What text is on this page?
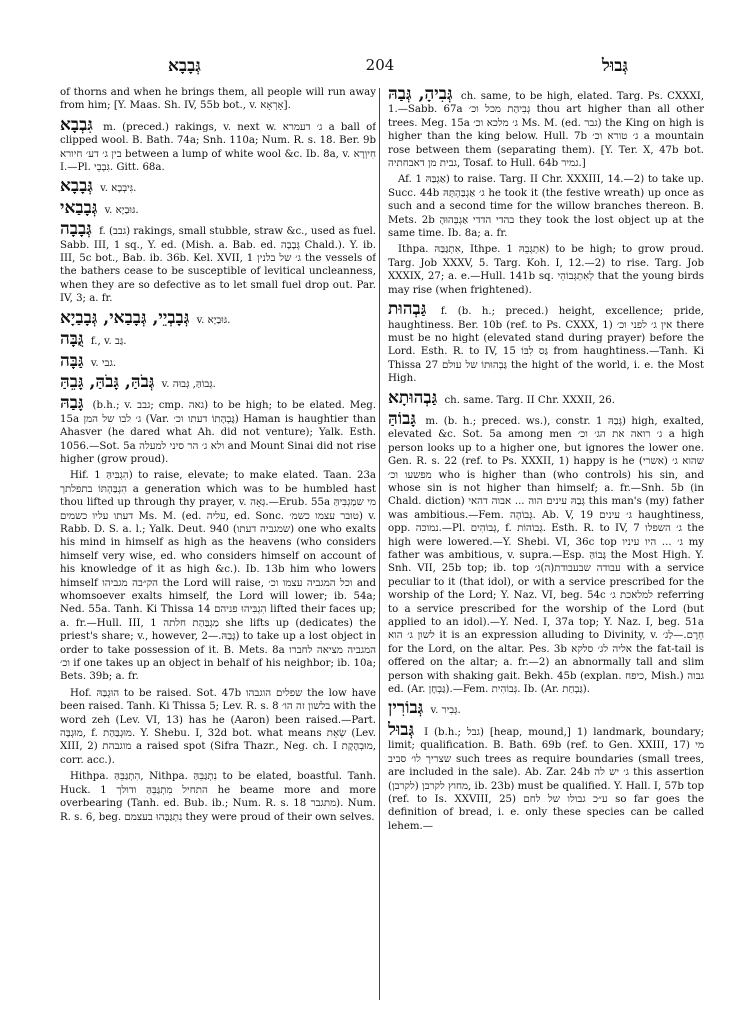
גְּבָבָא	204	גְּבוּל

of thorns and when he brings them, all people will run away from him; [Y. Maas. Sh. IV, 55b bot., v. אָרְאָא].

גִּבְבָא m. (preced.) rakings, v. next w. ג׳ דעמרא a ball of clipped wool. B. Bath. 74a; Snh. 110a; Num. R. s. 18. Ber. 9b בין ג׳ דע׳ חיורא between a lump of white wool &c. Ib. 8a, v. חִיוְרָא I.—Pl. גִּבְבֵי. Gitt. 68a.

גְּבָבָא v. גִּיבְבָא.

גְּבָבַאי v. גּוּבַיָא.

גְּבָבָה f. (גבב) rakings, small stubble, straw &c., used as fuel. Sabb. III, 1 sq., Y. ed. (Mish. a. Bab. ed. גְּבָבָה Chald.). Y. ib. III, 5c bot., Bab. ib. 36b. Kel. XVII, 1 ג׳ של בלנין the vessels of the bathers cease to be susceptible of levitical uncleanness, when they are so defective as to let small fuel drop out. Par. IV, 3; a. fr.

גְּבָבְיֵי, גְּבָבַאי, גְּבָבַיָא v. גּוּבַיָא.

גֻּבָּה f., v. גַּב.

גַּבָּה v. גבי.

גְּבֹהַּ, גָּבֹהַּ, גָּבֵהַּ v. גְּבוֹהַּ, גְּבוּה.

גָּבַהּ (b.h.; v. גבב; cmp. גאה) to be high; to be elated. Meg. 15a ג׳ לבו של המן (Var. גָּבְהָתוֹ דעתו וכ׳) Haman is haughtier than Ahasver (he dared what Ah. did not venture); Yalk. Esth. 1056.—Sot. 5a ולא ג׳ הר סיני למעלה and Mount Sinai did not rise higher (grow proud).

Hif. הִגְבִּיהַּ 1) to raise, elevate; to make elated. Taan. 23a הִגְבַּהְתּוֹ בתפלתך a generation which was to be humbled hast thou lifted up through thy prayer, v. גְּאָה.—Erub. 55a מי שמַגְבִּיהַּ דעתו עליו כשמים Ms. M. (ed. עליה, ed. Sonc. טובר עצמו כשמ׳) v. Rabb. D. S. a. l.; Yalk. Deut. 940 (שמגביה דעתו) one who exalts his mind in himself as high as the heavens (who considers himself very wise, ed. who considers himself on account of his knowledge of it as high &c.). Ib. 13b him who lowers himself הק״בה מגביהו the Lord will raise, וכל המגביה עצמו וכ׳ and whomsoever exalts himself, the Lord will lower; ib. 54a; Ned. 55a. Tanh. Ki Thissa 14 הִגְבִּיהוּ פניהם lifted their faces up; a. fr.—Hull. III, 1 מַגְבַּהַת חלתה she lifts up (dedicates) the priest's share; v., however, גָּבַהּ.—2) to take up a lost object in order to take possession of it. B. Mets. 8a המגביה מציאה לחברו וכ׳ if one takes up an object in behalf of his neighbor; ib. 10a; Bets. 39b; a. fr.

Hof. הוּגְבַּהּ to be raised. Sot. 47b שפלים הוגבהו the low have been raised. Tanh. Ki Thissa 5; Lev. R. s. 8 בלשון זה הו׳ with the word zeh (Lev. VI, 13) has he (Aaron) been raised.—Part. מוּגְבָּה, f. מוּגְבַּהַת. Y. Shebu. I, 32d bot. what means שְׂאֵת (Lev. XIII, 2) מוגבהת a raised spot (Sifra Thazr., Neg. ch. I מוּבְהֶקֶת, corr. acc.).

Hithpa. הִתְגַּבֵּהַּ, Nithpa. נִתְגַּבֵּהַּ to be elated, boastful. Tanh. Huck. 1 התחיל מִתְגַּבֵּהַּ ודולך he beame more and more overbearing (Tanh. ed. Bub. ib.; Num. R. s. 18 מתגבר). Num. R. s. 6, beg. נִתְגַּבְּהוּ בעצמם they were proud of their own selves.

גְּבִיהָ, גְּבַהּ ch. same, to be high, elated. Targ. Ps. CXXXI, 1.—Sabb. 67a גְּבִיהַת מכל וכ׳ thou art higher than all other trees. Meg. 15a ג׳ מלכא וכ׳ Ms. M. (ed. גבר) the King on high is higher than the king below. Hull. 7b ג׳ טורא וכ׳ a mountain rose between them (separating them). [Y. Ter. X, 47b bot. גבית מן דאבחתיה, Tosaf. to Hull. 64b גמיר.]

Af. אַגְבַּהּ 1) to raise. Targ. II Chr. XXXIII, 14.—2) to take up. Succ. 44b ג׳ אַגְבַּהְתָּהּ he took it (the festive wreath) up once as such and a second time for the willow branches thereon. B. Mets. 2b בהדי הדדי אַגְבְּהוּהָ they took the lost object up at the same time. Ib. 8a; a. fr.

Ithpa. אִתְגַּבַּהּ, Ithpe. אִתְגְּבֵהּ 1) to be high; to grow proud. Targ. Job XXXV, 5. Targ. Koh. I, 12.—2) to rise. Targ. Job XXXIX, 27; a. e.—Hull. 141b sq. לְאִתְגְּבוֹהֵי that the young birds may rise (when frightened).

גַּבְהוּת f. (b. h.; preced.) height, excellence; pride, haughtiness. Ber. 10b (ref. to Ps. CXXX, 1) אין ג׳ לפני וכ׳ there must be no hight (elevated stand during prayer) before the Lord. Esth. R. to IV, 15 גַּס לִבּוֹ from haughtiness.—Tanh. Ki Thissa 27 גַּבְהוּתוֹ של עולם the hight of the world, i. e. the Most High.

גַּבְהוּתָא ch. same. Targ. II Chr. XXXII, 26.

גָּבוֹהַּ m. (b. h.; preced. ws.), constr. גְּבַהּ 1) high, exalted, elevated &c. Sot. 5a among men ג׳ רואה את הג׳ וכ׳ a high person looks up to a higher one, but ignores the lower one. Gen. R. s. 22 (ref. to Ps. XXXII, 1) happy is he (אשרי) שהוא ג׳ מפשעו וכ׳ who is higher than (who controls) his sin, and whose sin is not higher than himself; a. fr.—Snh. 5b (in Chald. diction) גְּבַהּ עינים הוה ... אבוה דהאי this man's (my) father was ambitious.—Fem. גְּבוֹהָה. Ab. V, 19 ג׳ עינים haughtiness, opp. נמוכה.—Pl. גְּבוֹהִים, f. גְּבוֹהוֹת. Esth. R. to IV, 7 ג׳ השפלו the high were lowered.—Y. Shebi. VI, 36c top ג׳ ... היו עיניו my father was ambitious, v. supra.—Esp. גָּבוֹהַּ the Most High. Y. Snh. VII, 25b top; ib. top עבודה שבעבודת(ה)ג׳ with a service peculiar to it (that idol), or with a service prescribed for the worship of the Lord; Y. Naz. VI, beg. 54c למלאכת ג׳ referring to a service prescribed for the worship of the Lord (but applied to an idol).—Y. Ned. I, 37a top; Y. Naz. I, beg. 51a לשון ג׳ הוא it is an expression alluding to Divinity, v. חֵרֶם.—לַג׳ for the Lord, on the altar. Pes. 3b אליה לג׳ סלקא the fat-tail is offered on the altar; a. fr.—2) an abnormally tall and slim person with shaking gait. Bekh. 45b (explan. כיפח, Mish.) גבוה ed. (Ar. גַּבְחָן).—Fem. גְּבוֹהִית. Ib. (Ar. גַּבְחַת).

גְּבוֹרִין v. גְּבִיר.

גְּבוּל I (b.h.; גבל) [heap, mound,] 1) landmark, boundary; limit; qualification. B. Bath. 69b (ref. to Gen. XXIII, 17) מי שצריך לו׳ סביב such trees as require boundaries (small trees, are included in the sale). Ab. Zar. 24b ג׳ יש לה this assertion (לקרבן) מחוץ לקרבן, ib. 23b) must be qualified. Y. Hall. I, 57b top (ref. to Is. XXVIII, 25) ע״כ גבולו של לחם so far goes the definition of bread, i. e. only these species can be called lehem.—
